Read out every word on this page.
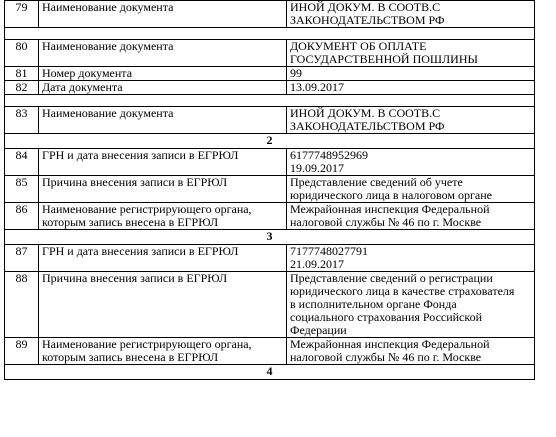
79	Наименование документа	ИНОЙ ДОКУМ. В СООТВ.С
ЗАКОНОДАТЕЛЬСТВОМ РФ

80	Наименование документа	ДОКУМЕНТ ОБ ОПЛАТЕ
ГОСУДАРСТВЕННОЙ ПОШЛИНЫ

81	Номер документа	99

82	Дата документа	13.09.2017

83	Наименование документа	ИНОЙ ДОКУМ. В СООТВ.С
ЗАКОНОДАТЕЛЬСТВОМ РФ

2		
84	ГРН и дата внесения записи в ЕГРЮЛ	6177748952969
19.09.2017

85	Причина внесения записи в ЕГРЮЛ	Представление сведений об учете
юридического лица в налоговом органе

86	Наименование регистрирующего органа,
которым запись внесена в ЕГРЮЛ	Межрайонная инспекция Федеральной
налоговой службы № 46 по г. Москве

3		
87	ГРН и дата внесения записи в ЕГРЮЛ	7177748027791
21.09.2017

88	Причина внесения записи в ЕГРЮЛ	Представление сведений о регистрации
юридического лица в качестве страхователя
в исполнительном органе Фонда
социального страхования Российской
Федерации

89	Наименование регистрирующего органа,
которым запись внесена в ЕГРЮЛ	Межрайонная инспекция Федеральной
налоговой службы № 46 по г. Москве

4		
